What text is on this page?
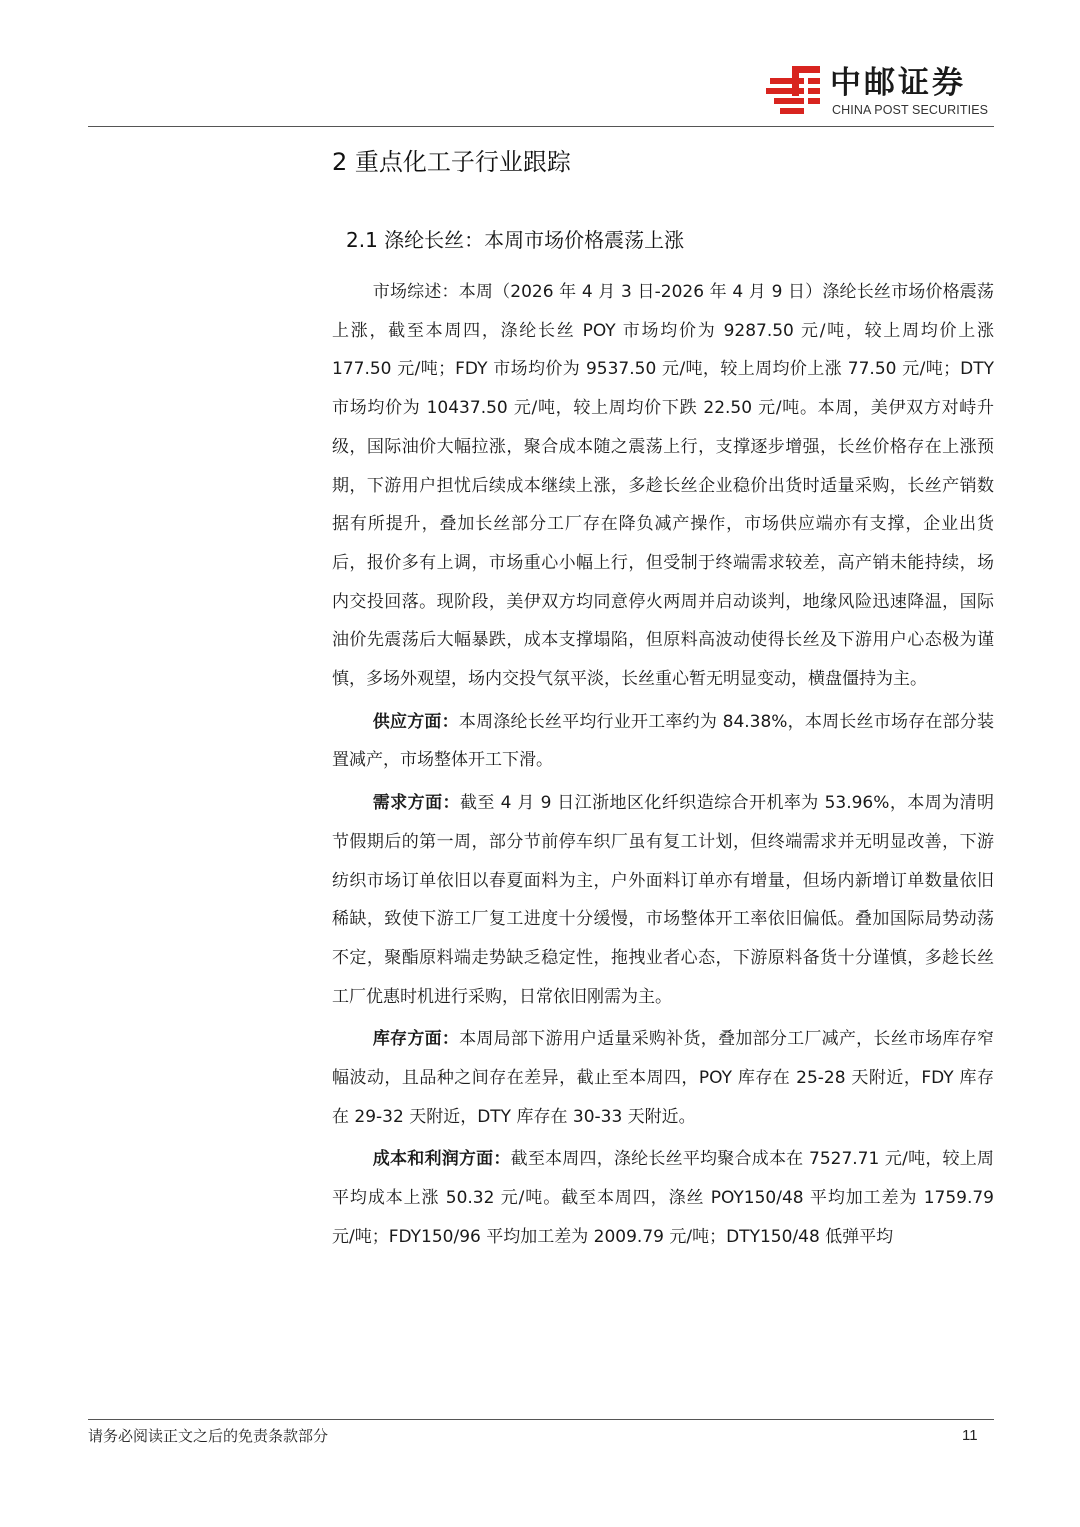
中邮证券
CHINA POST SECURITIES
2 重点化工子行业跟踪
2.1 涤纶长丝：本周市场价格震荡上涨

市场综述：本周（2026 年 4 月 3 日-2026 年 4 月 9 日）涤纶长丝市场价格震荡上涨，截至本周四，涤纶长丝 POY 市场均价为 9287.50 元/吨，较上周均价上涨 177.50 元/吨；FDY 市场均价为 9537.50 元/吨，较上周均价上涨 77.50 元/吨；DTY 市场均价为 10437.50 元/吨，较上周均价下跌 22.50 元/吨。本周，美伊双方对峙升级，国际油价大幅拉涨，聚合成本随之震荡上行，支撑逐步增强，长丝价格存在上涨预期，下游用户担忧后续成本继续上涨，多趁长丝企业稳价出货时适量采购，长丝产销数据有所提升，叠加长丝部分工厂存在降负减产操作，市场供应端亦有支撑，企业出货后，报价多有上调，市场重心小幅上行，但受制于终端需求较差，高产销未能持续，场内交投回落。现阶段，美伊双方均同意停火两周并启动谈判，地缘风险迅速降温，国际油价先震荡后大幅暴跌，成本支撑塌陷，但原料高波动使得长丝及下游用户心态极为谨慎，多场外观望，场内交投气氛平淡，长丝重心暂无明显变动，横盘僵持为主。

供应方面：本周涤纶长丝平均行业开工率约为 84.38%，本周长丝市场存在部分装置减产，市场整体开工下滑。

需求方面：截至 4 月 9 日江浙地区化纤织造综合开机率为 53.96%，本周为清明节假期后的第一周，部分节前停车织厂虽有复工计划，但终端需求并无明显改善，下游纺织市场订单依旧以春夏面料为主，户外面料订单亦有增量，但场内新增订单数量依旧稀缺，致使下游工厂复工进度十分缓慢，市场整体开工率依旧偏低。叠加国际局势动荡不定，聚酯原料端走势缺乏稳定性，拖拽业者心态，下游原料备货十分谨慎，多趁长丝工厂优惠时机进行采购，日常依旧刚需为主。

库存方面：本周局部下游用户适量采购补货，叠加部分工厂减产，长丝市场库存窄幅波动，且品种之间存在差异，截止至本周四，POY 库存在 25-28 天附近，FDY 库存在 29-32 天附近，DTY 库存在 30-33 天附近。

成本和利润方面：截至本周四，涤纶长丝平均聚合成本在 7527.71 元/吨，较上周平均成本上涨 50.32 元/吨。截至本周四，涤丝 POY150/48 平均加工差为 1759.79 元/吨；FDY150/96 平均加工差为 2009.79 元/吨；DTY150/48 低弹平均

请务必阅读正文之后的免责条款部分	11
